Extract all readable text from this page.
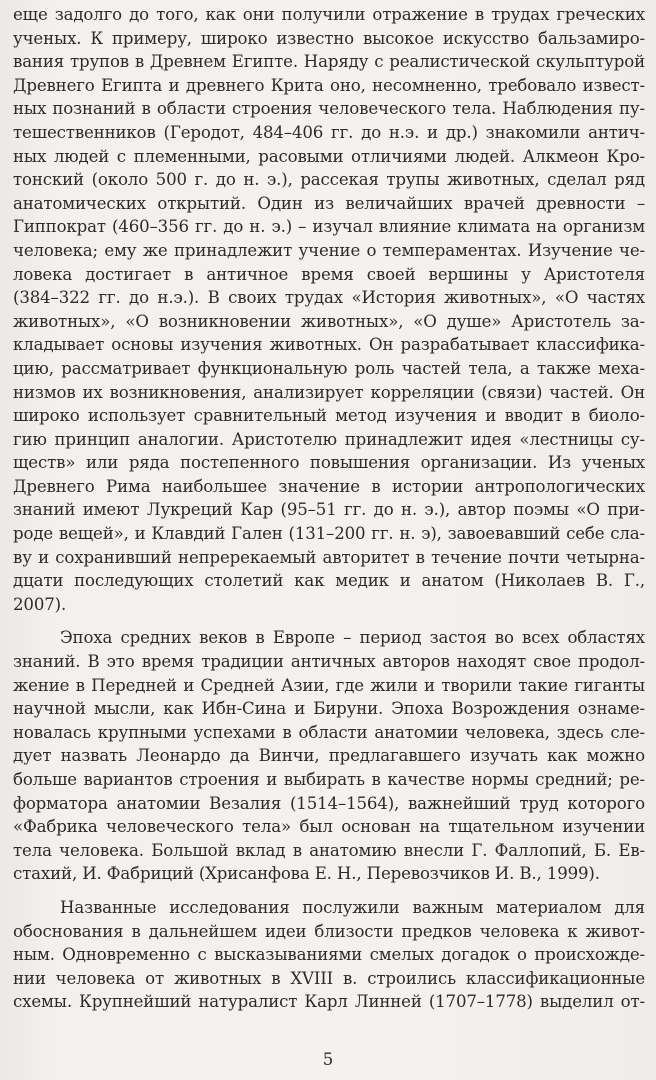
еще задолго до того, как они получили отражение в трудах греческих
ученых. К примеру, широко известно высокое искусство бальзамиро-
вания трупов в Древнем Египте. Наряду с реалистической скульптурой
Древнего Египта и древнего Крита оно, несомненно, требовало извест-
ных познаний в области строения человеческого тела. Наблюдения пу-
тешественников (Геродот, 484–406 гг. до н.э. и др.) знакомили антич-
ных людей с племенными, расовыми отличиями людей. Алкмеон Кро-
тонский (около 500 г. до н. э.), рассекая трупы животных, сделал ряд
анатомических открытий. Один из величайших врачей древности –
Гиппократ (460–356 гг. до н. э.) – изучал влияние климата на организм
человека; ему же принадлежит учение о темпераментах. Изучение че-
ловека достигает в античное время своей вершины у Аристотеля
(384–322 гг. до н.э.). В своих трудах «История животных», «О частях
животных», «О возникновении животных», «О душе» Аристотель за-
кладывает основы изучения животных. Он разрабатывает классифика-
цию, рассматривает функциональную роль частей тела, а также меха-
низмов их возникновения, анализирует корреляции (связи) частей. Он
широко использует сравнительный метод изучения и вводит в биоло-
гию принцип аналогии. Аристотелю принадлежит идея «лестницы су-
ществ» или ряда постепенного повышения организации. Из ученых
Древнего Рима наибольшее значение в истории антропологических
знаний имеют Лукреций Кар (95–51 гг. до н. э.), автор поэмы «О при-
роде вещей», и Клавдий Гален (131–200 гг. н. э), завоевавший себе сла-
ву и сохранивший непререкаемый авторитет в течение почти четырна-
дцати последующих столетий как медик и анатом (Николаев В. Г.,
2007).
Эпоха средних веков в Европе – период застоя во всех областях
знаний. В это время традиции античных авторов находят свое продол-
жение в Передней и Средней Азии, где жили и творили такие гиганты
научной мысли, как Ибн-Сина и Бируни. Эпоха Возрождения ознаме-
новалась крупными успехами в области анатомии человека, здесь сле-
дует назвать Леонардо да Винчи, предлагавшего изучать как можно
больше вариантов строения и выбирать в качестве нормы средний; ре-
форматора анатомии Везалия (1514–1564), важнейший труд которого
«Фабрика человеческого тела» был основан на тщательном изучении
тела человека. Большой вклад в анатомию внесли Г. Фаллопий, Б. Ев-
стахий, И. Фабриций (Хрисанфова Е. Н., Перевозчиков И. В., 1999).
Названные исследования послужили важным материалом для
обоснования в дальнейшем идеи близости предков человека к живот-
ным. Одновременно с высказываниями смелых догадок о происхожде-
нии человека от животных в XVIII в. строились классификационные
схемы. Крупнейший натуралист Карл Линней (1707–1778) выделил от-
5
